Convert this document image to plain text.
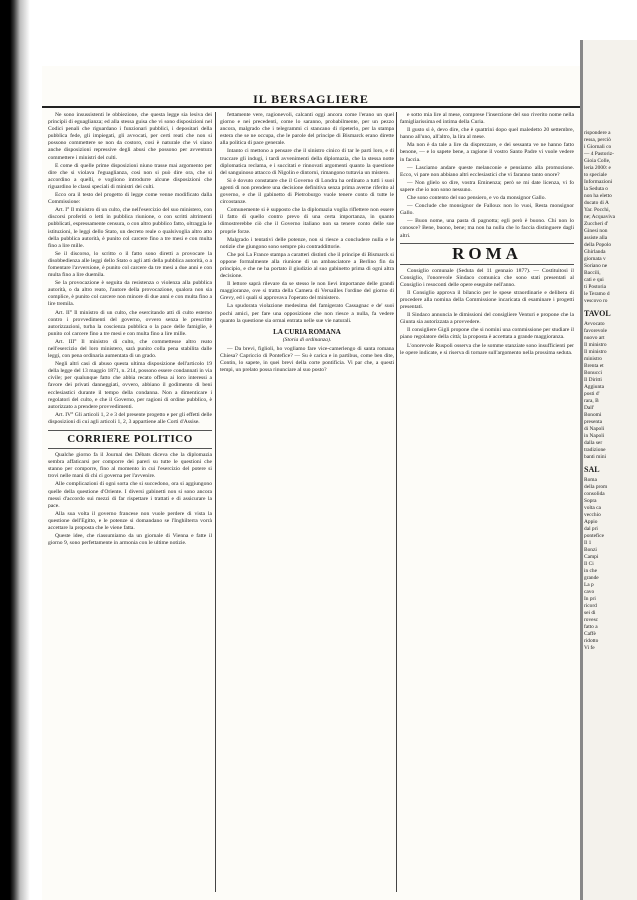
IL BERSAGLIERE

Ne sono insussistenti le obbiezione, che questa legge sia lesiva dei principii di eguaglianza; ed alla stessa guisa che vi sono disposizioni nel Codici penali che riguardano i funzionari pubblici, i depositari della pubblica fede, gli impiegati, gli avvocati, per certi reati che non si possono commettere se non da costoro, cosi è naturale che vi siano anche disposizioni repressive degli abusi che possono per avventura commettere i ministri del culti.

E come di quelle prime disposizioni niuno trasse mai argomento per dire che si violava l'eguaglianza, cosi non si può dire ora, che si accordino a quelli, e vogliono introdurre alcune disposizioni che riguardino le classi speciali di ministri dei culti.

Ecco ora il testo del progetto di legge come venne modificato dalla Commissione:

Art. I° Il ministro di un culto, che nell'esercizio del suo ministero, con discorsi proferiti o letti in pubblica riunione, o con scritti altrimenti pubblicati, espressamente censura, o con altro pubblico fatto, oltraggia le istituzioni, le leggi dello Stato, un decreto reale o qualsivoglia altro atto della pubblica autorità, è punito col carcere fino a tre mesi e con multa fino a lire mille.

Se il discorso, lo scritto o il fatto sono diretti a provocare la disobbedienza alle leggi dello Stato o agli atti della pubblica autorità, o a fomentare l'avversione, è punito col carcere da tre mesi a due anni e con multa fino a lire duemila.

Se la provocazione è seguita da resistenza o violenza alla pubblica autorità, o da altro reato, l'autore della provocazione, qualora non sia complice, è punito col carcere non minore di due anni e con multa fino a lire tremila.

Art. II° Il ministro di un culto, che esercitando atti di culto esterno contro i provvedimenti del governo, ovvero senza le prescritte autorizzazioni, turba la coscienza pubblica o la pace delle famiglie, è punito col carcere fino a tre mesi e con multa fino a lire mille.

Art. III° Il ministro di culto, che commettesse altro reato nell'esercizio del loro ministero, sarà punito colla pena stabilita dalle leggi, con pena ordinaria aumentata di un grado.

Negli altri casi di abuso questa ultima disposizione dell'articolo 19 della legge del 13 maggio 1871, n. 214, possono essere condannati in via civile; per qualunque fatto che abbia recato offesa ai loro interessi a favore dei privati danneggiati, ovvero, abbiano il godimento di beni ecclesiastici durante il tempo della condanna. Non a dimenticare i regolatori del culto, e che il Governo, per ragioni di ordine pubblico, è autorizzato a prendere provvedimenti.

Art. IV° Gli articoli 1, 2 e 3 del presente progetto e per gli effetti delle disposizioni di cui agli articoli 1, 2, 3 appartiene alle Corti d'Assise.

CORRIERE POLITICO

Qualche giorno fa il Journal des Débats diceva che la diplomazia sembra affaticarsi per comporre dei pareri su tutte le questioni che stanno per comporre, fino al momento in cui l'esercizio del potere si trovi nelle mani di chi ci governa per l'avvenire.

Alle complicazioni di ogni sorta che si succedono, ora si aggiungono quelle della questione d'Oriente. I diversi gabinetti non si sono ancora messi d'accordo sui mezzi di far rispettare i trattati e di assicurare la pace.

Alla sua volta il governo francese non vuole perdere di vista la questione dell'Egitto, e le potenze si domandano se l'Inghilterra vorrà accettare la proposta che le viene fatta.

Queste idee, che riassumiamo da un giornale di Vienna e fatte il giorno 9, sono perfettamente in armonia con le ultime notizie.

fettamente vere, ragionevoli, calcanti oggi ancora come l'erano un quel giorno e nei precedenti, come lo saranno, probabilmente, per un pezzo ancora, malgrado che i telegrammi ci stancano di ripeterlo, per la stampa estera che se ne occupa, che le parole del principe di Bismarck erano dirette alla politica di pace generale.

Intanto ci mettono a pensare che il sinistro cinico di tar le parti loro, e di truccare gli indugi, i tardi avvenimenti della diplomazia, che la stessa notte diplomatica reclama, e i succitati e rinnovati argomenti quanto la questione del sanguinoso attacco di Nigolin e dintorni, rimangono tuttavia un mistero.

Si è dovuto constatare che il Governo di Londra ha ordinato a tutti i suoi agenti di non prendere una decisione definitiva senza prima averne riferito al governo, e che il gabinetto di Pietroburgo vuole tenere conto di tutte le circostanze.

Comunemente si è supposto che la diplomazia voglia riflettere non essere il fatto di quello contro prevo di una certa importanza, in quanto dimostrerebbe ciò che il Governo italiano non sa tenere conto delle sue proprie forze.

Malgrado i tentativi delle potenze, non si riesce a concludere nulla e le notizie che giungono sono sempre piu contraddittorie.

Che poi La France stampa a caratteri distinti che il principe di Bismarck si oppone formalmente alla riunione di un ambasciatore a Berlino fin da principio, e che ne ha portato il giudizio al suo gabinetto prima di ogni altra decisione.

Il lettore saprà rilevare da se stesso le non lievi importanze delle grandi maggioranze, ove si tratta della Camera di Versailles l'ordine del giorno di Grevy, ed i quali si approvava l'operato del ministero.

La spudorata violazione medesima del famigerato Cassagnac e de' suoi pochi amici, per fare una opposizione che non riesce a nulla, fa vedere quanto la questione sia ormai entrata nelle sue vie naturali.

LA CURIA ROMANA
(Storia di ordinanza).

— Da brevi, figlioli, ho vogliamo fare vice-camerlengo di santa romana Chiesa? Capriccio di Pontefice? — Su è carica e in partibus, come ben dite, Contin, lo sapete, in quei brevi della corte pontificia. Vi par che, a questi tempi, un prelato possa rinunciare al suo posto?

e sotto mia lire al mese, comprese l'inserzione del suo riverito nome nella famigliarissima ed intima della Curia.

Il gusto si è, devo dire, che è quattrini dopo quel maledetto 20 settembre, hanno all'uno, all'altro, la lira al mese.

Ma non è da tale a lire da disprezzare, e dei sessanta ve ne hanno fatto benone, — e lo sapete bene, a ragione il vostro Santo Padre vi vuole vedere in faccia.

— Lasciamo andare queste melanconie e pensiamo alla promozione. Ecco, vi pare non abbiano altri ecclesiastici che vi faranno tanto onore?

— Non glielo so dire, vostra Eminenza; però se mi date licenza, vi fo sapere che io non sono nessuno.

Che sono contento del suo pensiero, e vo da monsignor Gallo.

— Conclude che monsignor de Falloux non lo vuoi, Resta monsignor Gallo.

— Buon nome, una pasta di pagnotta; egli però è buono. Chi non lo conosce? Bene, buono, bene; ma non ha nulla che lo faccia distinguere dagli altri.

ROMA

Consiglio comunale (Seduta del 11 gennaio 1877). — Costituitosi il Consiglio, l'onorevole Sindaco comunica che sono stati presentati al Consiglio i resoconti delle opere eseguite nell'anno.

Il Consiglio approva il bilancio per le spese straordinarie e delibera di procedere alla nomina della Commissione incaricata di esaminare i progetti presentati.

Il Sindaco annuncia le dimissioni del consigliere Venturi e propone che la Giunta sia autorizzata a provvedere.

Il consigliere Gigli propone che si nomini una commissione per studiare il piano regolatore della città; la proposta è accettata a grande maggioranza.

L'onorevole Ruspoli osserva che le somme stanziate sono insufficienti per le opere indicate, e si riserva di tornare sull'argomento nella prossima seduta.

rispondere a
ressa, perciò
i Giornali co
— 4 Pastoriz-
Gioia Colle,
leria 2000: e
to speciale
Informazioni
la Seduta o
non ha eletto
ducato di A
Yar. Pocchi,
ne; Acquaviva
Zuccheri d'
Ginesi non
assiste alla
della Popolo
Ghirlanda
giornata v
Soriano ne
Baccili,
cati e qui
ti Postoria
le Teramo d
vescovo ro
TAVOL
Avvocato
favorevole
nuovo art
Il ministro
Il ministro
ministro
Brenta et
Bonucci
Il Diritti
Aggiunta
posti d'
rara, B
Dall'
Bonomi
presenta
di Napoli
in Napoli
dalla ser
tradizione
banti mini
SAL
Roma
della prom
consolida
Sopra
volta ca
vecchio
Appio
dal pri
pontefice
Il 1
Bonzi
Campi
Il Ci
in che
grande
La p
cavo
In pri
ricord
sei di
rovesc
fatto a
Caffè
ridotto
Vi fe
